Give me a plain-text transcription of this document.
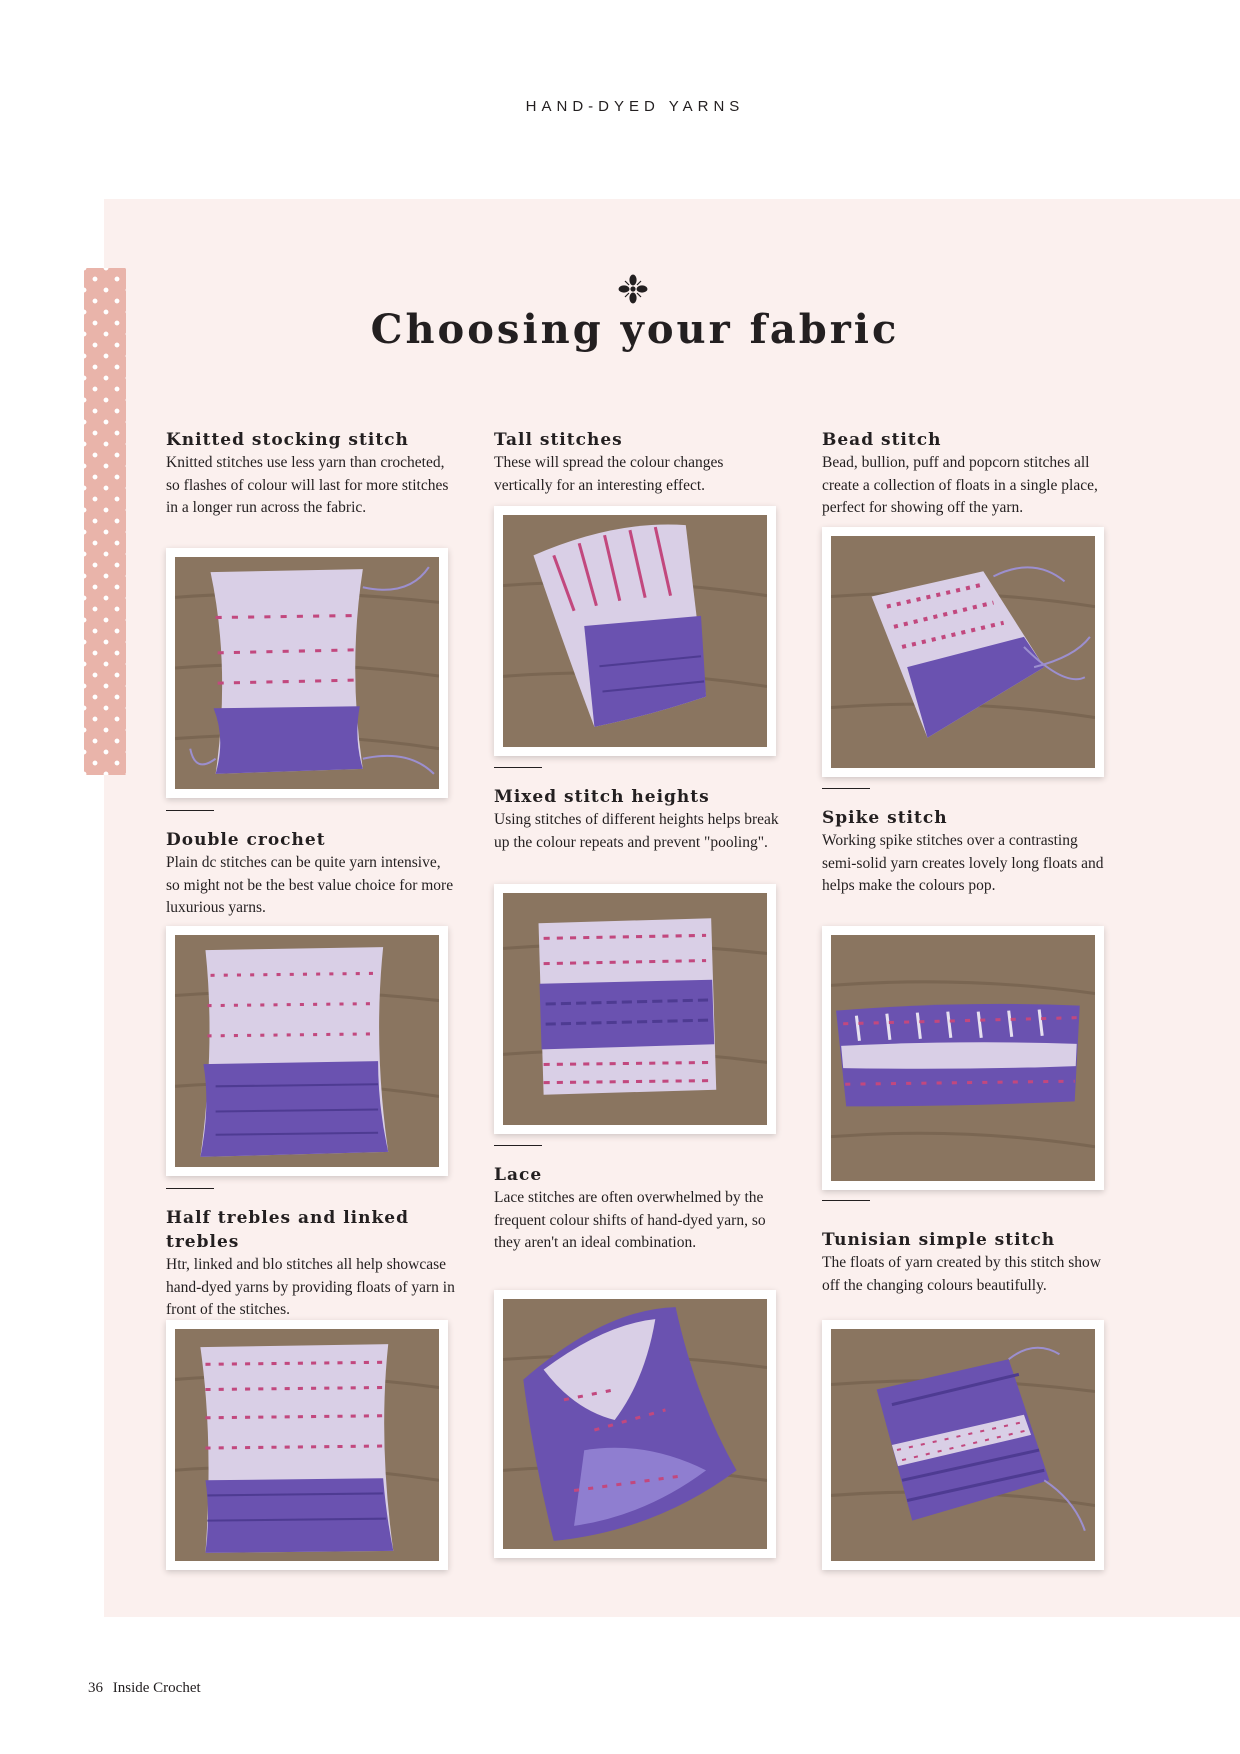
HAND-DYED YARNS
Choosing your fabric
Knitted stocking stitch

Knitted stitches use less yarn than crocheted, so flashes of colour will last for more stitches in a longer run across the fabric.

Double crochet

Plain dc stitches can be quite yarn intensive, so might not be the best value choice for more luxurious yarns.

Half trebles and linked trebles

Htr, linked and blo stitches all help showcase hand-dyed yarns by providing floats of yarn in front of the stitches.

Tall stitches

These will spread the colour changes vertically for an interesting effect.

Mixed stitch heights

Using stitches of different heights helps break up the colour repeats and prevent "pooling".

Lace

Lace stitches are often overwhelmed by the frequent colour shifts of hand-dyed yarn, so they aren't an ideal combination.

Bead stitch

Bead, bullion, puff and popcorn stitches all create a collection of floats in a single place, perfect for showing off the yarn.

Spike stitch

Working spike stitches over a contrasting semi-solid yarn creates lovely long floats and helps make the colours pop.

Tunisian simple stitch

The floats of yarn created by this stitch show off the changing colours beautifully.

36 Inside Crochet
